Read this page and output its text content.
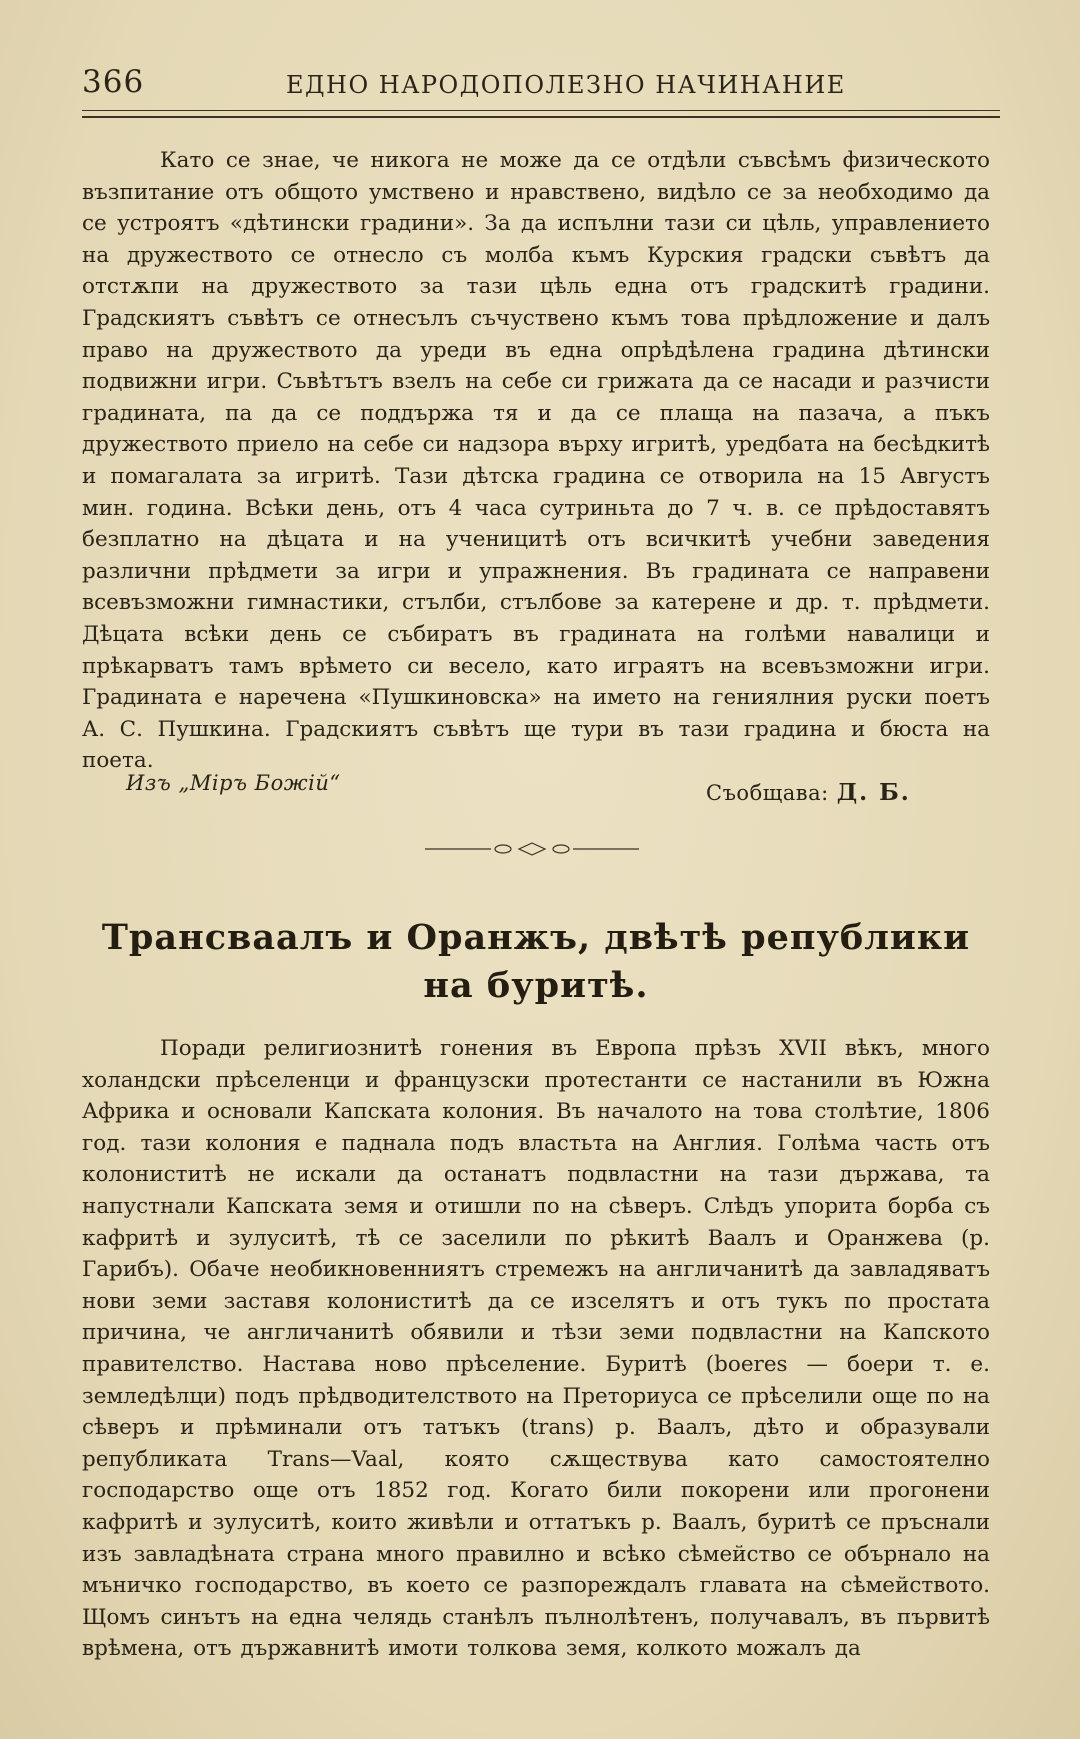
366	ЕДНО НАРОДОПОЛЕЗНО НАЧИНАНИЕ

Като се знае, че никога не може да се отдѣли съвсѣмъ физическото възпитание отъ общото умствено и нравствено, видѣло се за необходимо да се устроятъ «дѣтински градини». За да испълни тази си цѣль, управлението на дружеството се отнесло съ молба къмъ Курския градски съвѣтъ да отстѫпи на дружеството за тази цѣль една отъ градскитѣ градини. Градскиятъ съвѣтъ се отнесълъ съчуствено къмъ това прѣдложение и далъ право на дружеството да уреди въ една опрѣдѣлена градина дѣтински подвижни игри. Съвѣтътъ взелъ на себе си грижата да се насади и разчисти градината, па да се поддържа тя и да се плаща на пазача, а пъкъ дружеството приело на себе си надзора върху игритѣ, уредбата на бесѣдкитѣ и помагалата за игритѣ. Тази дѣтска градина се отворила на 15 Августъ мин. година. Всѣки день, отъ 4 часа сутриньта до 7 ч. в. се прѣдоставятъ безплатно на дѣцата и на ученицитѣ отъ всичкитѣ учебни заведения различни прѣдмети за игри и упражнения. Въ градината се направени всевъзможни гимнастики, стълби, стълбове за катерене и др. т. прѣдмети. Дѣцата всѣки день се събиратъ въ градината на голѣми навалици и прѣкарватъ тамъ врѣмето си весело, като играятъ на всевъзможни игри. Градината е наречена «Пушкиновска» на името на гениялния руски поетъ А. С. Пушкина. Градскиятъ съвѣтъ ще тури въ тази градина и бюста на поета.

Изъ „Міръ Божій“	Съобщава: Д. Б.
Трансваалъ и Оранжъ, двѣтѣ републики
на буритѣ.

Поради религиознитѣ гонения въ Европа прѣзъ XVII вѣкъ, много холандски прѣселенци и французски протестанти се настанили въ Южна Африка и основали Капската колония. Въ началото на това столѣтие, 1806 год. тази колония е паднала подъ властьта на Англия. Голѣма часть отъ колониститѣ не искали да останатъ подвластни на тази държава, та напустнали Капската земя и отишли по на сѣверъ. Слѣдъ упорита борба съ кафритѣ и зулуситѣ, тѣ се заселили по рѣкитѣ Ваалъ и Оранжева (р. Гарибъ). Обаче необикновенниятъ стремежъ на англичанитѣ да завладяватъ нови земи заставя колониститѣ да се изселятъ и отъ тукъ по простата причина, че англичанитѣ обявили и тѣзи земи подвластни на Капското правителство. Настава ново прѣселение. Буритѣ (boeres — боери т. е. земледѣлци) подъ прѣдводителството на Преториуса се прѣселили още по на сѣверъ и прѣминали отъ татъкъ (trans) р. Ваалъ, дѣто и образували републиката Trans—Vaal, която сѫществува като самостоятелно господарство още отъ 1852 год. Когато били покорени или прогонени кафритѣ и зулуситѣ, които живѣли и оттатъкъ р. Ваалъ, буритѣ се пръснали изъ завладѣната страна много правилно и всѣко сѣмейство се обърнало на мъничко господарство, въ което се разпореждалъ главата на сѣмейството. Щомъ синътъ на една челядь станѣлъ пълнолѣтенъ, получавалъ, въ първитѣ врѣмена, отъ държавнитѣ имоти толкова земя, колкото можалъ да
